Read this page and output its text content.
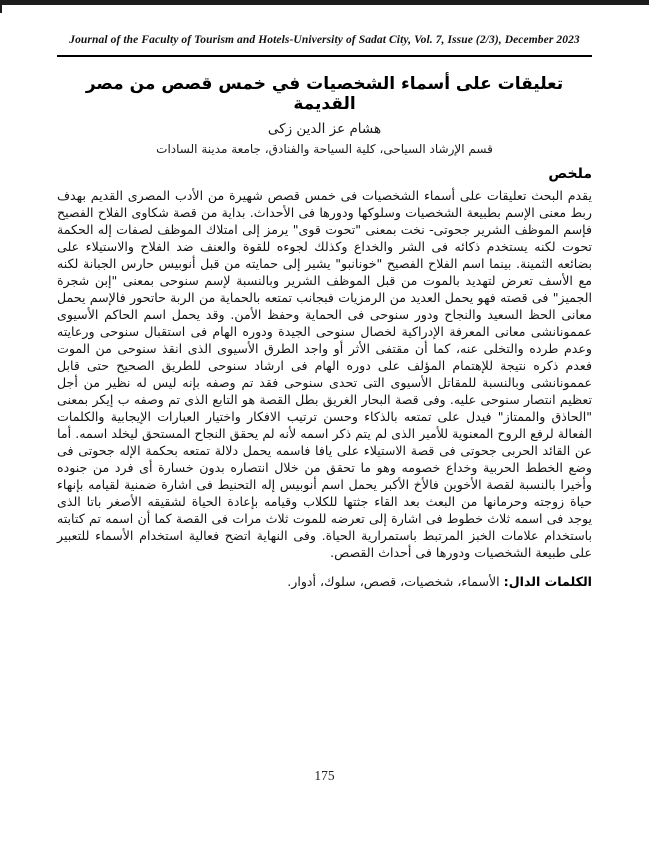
Journal of the Faculty of Tourism and Hotels-University of Sadat City, Vol. 7, Issue (2/3), December 2023
تعليقات على أسماء الشخصيات في خمس قصص من مصر القديمة
هشام عز الدين زكى
قسم الإرشاد السياحى، كلية السياحة والفنادق، جامعة مدينة السادات
ملخص

يقدم البحث تعليقات على أسماء الشخصيات فى خمس قصص شهيرة من الأدب المصرى القديم بهدف ربط معنى الإسم بطبيعة الشخصيات وسلوكها ودورها فى الأحداث. بداية من قصة شكاوى الفلاح الفصيح فإسم الموظف الشرير جحوتى- نخت بمعنى "تحوت قوى" يرمز إلى امتلاك الموظف لصفات إله الحكمة تحوت لكنه يستخدم ذكائه فى الشر والخداع وكذلك لجوءه للقوة والعنف ضد الفلاح والاستيلاء على بضائعه الثمينة. بينما اسم الفلاح الفصيح "خونانبو" يشير إلى حمايته من قبل أنوبيس حارس الجبانة لكنه مع الأسف تعرض لتهديد بالموت من قبل الموظف الشرير وبالنسبة لإسم سنوحى بمعنى "إبن شجرة الجميز" فى قصته فهو يحمل العديد من الرمزيات فبجانب تمتعه بالحماية من الربة حاتحور فالإسم يحمل معانى الحظ السعيد والنجاح ودور سنوحى فى الحماية وحفظ الأمن. وقد يحمل اسم الحاكم الأسيوى عممونانشى معانى المعرفة الإدراكية لخصال سنوحى الجيدة ودوره الهام فى استقبال سنوحى ورعايته وعدم طرده والتخلى عنه، كما أن مقتفى الأثر أو واجد الطرق الأسيوى الذى انقذ سنوحى من الموت فعدم ذكره نتيجة للإهتمام المؤلف على دوره الهام فى ارشاد سنوحى للطريق الصحيح حتى قابل عممونانشى وبالنسبة للمقاتل الأسيوى التى تحدى سنوحى فقد تم وصفه بإنه ليس له نظير من أجل تعظيم انتصار سنوحى عليه. وفى قصة البحار الغريق بطل القصة هو التابع الذى تم وصفه ب إيكر بمعنى "الحاذق والممتاز" فيدل على تمتعه بالذكاء وحسن ترتيب الافكار واختيار العبارات الإيجابية والكلمات الفعالة لرفع الروح المعنوية للأمير الذى لم يتم ذكر اسمه لأنه لم يحقق النجاح المستحق ليخلد اسمه. أما عن القائد الحربى جحوتى فى قصة الاستيلاء على يافا فاسمه يحمل دلالة تمتعه بحكمة الإله جحوتى فى وضع الخطط الحربية وخداع خصومه وهو ما تحقق من خلال انتصاره بدون خسارة أى فرد من جنوده وأخيرا بالنسبة لقصة الأخوين فالأخ الأكبر يحمل اسم أنوبيس إله التحنيط فى اشارة ضمنية لقيامه بإنهاء حياة زوجته وحرمانها من البعث بعد القاء جثتها للكلاب وقيامه بإعادة الحياة لشقيقه الأصغر باتا الذى يوجد فى اسمه ثلاث خطوط فى اشارة إلى تعرضه للموت ثلاث مرات فى القصة كما أن اسمه تم كتابته باستخدام علامات الخبز المرتبط باستمرارية الحياة. وفى النهاية اتضح فعالية استخدام الأسماء للتعبير على طبيعة الشخصيات ودورها فى أحداث القصص.

الكلمات الدال: الأسماء، شخصيات، قصص، سلوك، أدوار.

175
